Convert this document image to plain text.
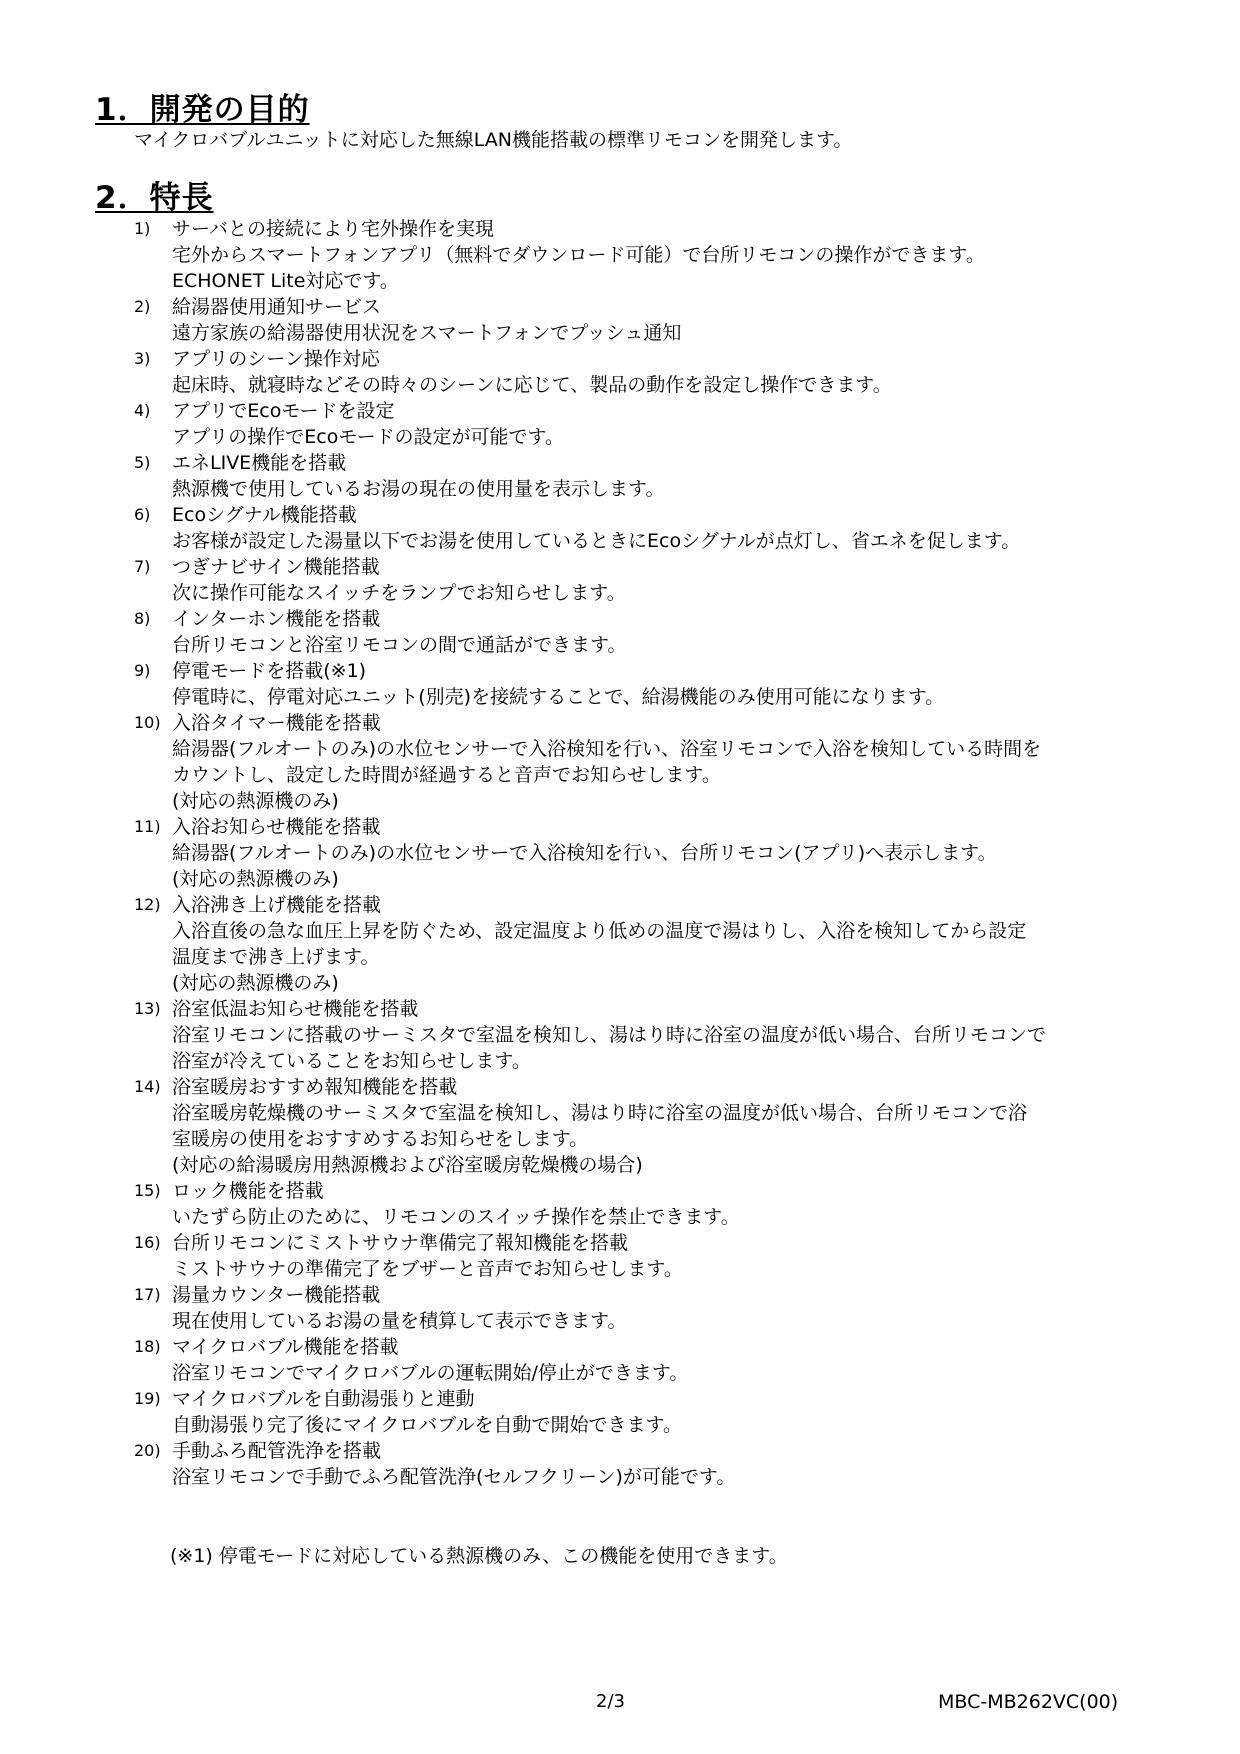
1．開発の目的
マイクロバブルユニットに対応した無線LAN機能搭載の標準リモコンを開発します。
2．特長
1)	サーバとの接続により宅外操作を実現
宅外からスマートフォンアプリ（無料でダウンロード可能）で台所リモコンの操作ができます。
ECHONET Lite対応です。
2)	給湯器使用通知サービス
遠方家族の給湯器使用状況をスマートフォンでプッシュ通知
3)	アプリのシーン操作対応
起床時、就寝時などその時々のシーンに応じて、製品の動作を設定し操作できます。
4)	アプリでEcoモードを設定
アプリの操作でEcoモードの設定が可能です。
5)	エネLIVE機能を搭載
熱源機で使用しているお湯の現在の使用量を表示します。
6)	Ecoシグナル機能搭載
お客様が設定した湯量以下でお湯を使用しているときにEcoシグナルが点灯し、省エネを促します。
7)	つぎナビサイン機能搭載
次に操作可能なスイッチをランプでお知らせします。
8)	インターホン機能を搭載
台所リモコンと浴室リモコンの間で通話ができます。
9)	停電モードを搭載(※1)
停電時に、停電対応ユニット(別売)を接続することで、給湯機能のみ使用可能になります。
10) 入浴タイマー機能を搭載
給湯器(フルオートのみ)の水位センサーで入浴検知を行い、浴室リモコンで入浴を検知している時間を
カウントし、設定した時間が経過すると音声でお知らせします。
(対応の熱源機のみ)
11) 入浴お知らせ機能を搭載
給湯器(フルオートのみ)の水位センサーで入浴検知を行い、台所リモコン(アプリ)へ表示します。
(対応の熱源機のみ)
12) 入浴沸き上げ機能を搭載
入浴直後の急な血圧上昇を防ぐため、設定温度より低めの温度で湯はりし、入浴を検知してから設定
温度まで沸き上げます。
(対応の熱源機のみ)
13) 浴室低温お知らせ機能を搭載
浴室リモコンに搭載のサーミスタで室温を検知し、湯はり時に浴室の温度が低い場合、台所リモコンで
浴室が冷えていることをお知らせします。
14) 浴室暖房おすすめ報知機能を搭載
浴室暖房乾燥機のサーミスタで室温を検知し、湯はり時に浴室の温度が低い場合、台所リモコンで浴
室暖房の使用をおすすめするお知らせをします。
(対応の給湯暖房用熱源機および浴室暖房乾燥機の場合)
15) ロック機能を搭載
いたずら防止のために、リモコンのスイッチ操作を禁止できます。
16) 台所リモコンにミストサウナ準備完了報知機能を搭載
ミストサウナの準備完了をブザーと音声でお知らせします。
17) 湯量カウンター機能搭載
現在使用しているお湯の量を積算して表示できます。
18) マイクロバブル機能を搭載
浴室リモコンでマイクロバブルの運転開始/停止ができます。
19) マイクロバブルを自動湯張りと連動
自動湯張り完了後にマイクロバブルを自動で開始できます。
20) 手動ふろ配管洗浄を搭載
浴室リモコンで手動でふろ配管洗浄(セルフクリーン)が可能です。
(※1) 停電モードに対応している熱源機のみ、この機能を使用できます。
2/3	MBC-MB262VC(00)
